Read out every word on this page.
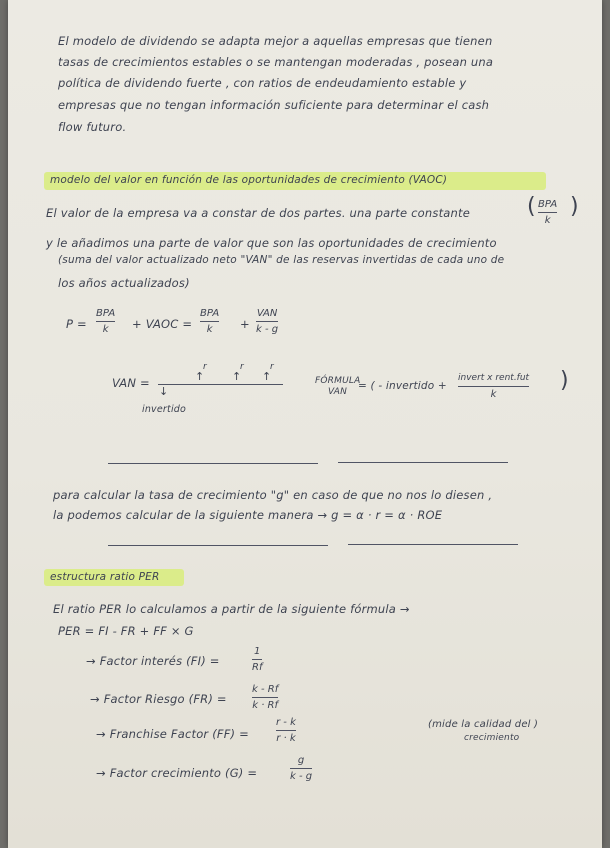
El modelo de dividendo se adapta mejor a aquellas empresas que tienen
tasas de crecimientos estables o se mantengan moderadas , posean una
política de dividendo fuerte , con ratios de endeudamiento estable y
empresas que no tengan información suficiente para determinar el cash
flow futuro.
modelo del valor en función de las oportunidades de crecimiento (VAOC)
El valor de la empresa va a constar de dos partes. una parte constante	( BPA
k
)
y le añadimos una parte de valor que son las oportunidades de crecimiento
(suma del valor actualizado neto "VAN" de las reservas invertidas de cada uno de
los años actualizados)
P =
BPA
k + VAOC =
BPA
k +
VAN
k - g
VAN =	↑	↑ ↑
r	r	r
↓
invertido
FÓRMULA
VAN = ( - invertido +
invert x rent.fut
k
)
para calcular la tasa de crecimiento "g" en caso de que no nos lo diesen ,
la podemos calcular de la siguiente manera → g = α · r = α · ROE
estructura ratio PER
El ratio PER lo calculamos a partir de la siguiente fórmula →
PER = FI - FR + FF × G
→ Factor interés (FI) =
1
Rf
→ Factor Riesgo (FR) =
k - Rf
k · Rf
→ Franchise Factor (FF) =
r - k
r · k
(mide la calidad del )
crecimiento
→ Factor crecimiento (G) =
g
k - g
